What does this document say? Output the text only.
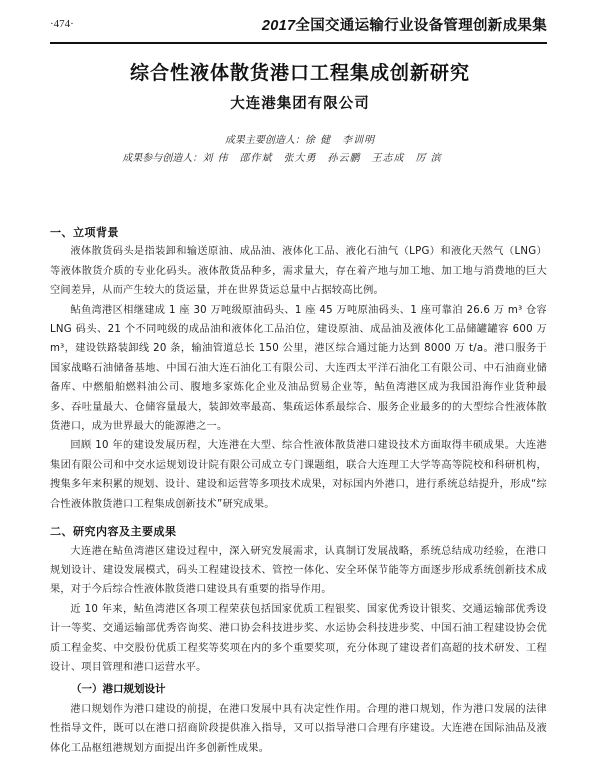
·474·	2017全国交通运输行业设备管理创新成果集
综合性液体散货港口工程集成创新研究
大连港集团有限公司
成果主要创造人：徐 健　李训明
成果参与创造人：刘 伟　邵作斌　张大勇　孙云鹏　王志成　厉 滨
一、立项背景

液体散货码头是指装卸和输送原油、成品油、液体化工品、液化石油气（LPG）和液化天然气（LNG）等液体散货介质的专业化码头。液体散货品种多，需求量大，存在着产地与加工地、加工地与消费地的巨大空间差异，从而产生较大的货运量，并在世界货运总量中占据较高比例。

鲇鱼湾港区相继建成 1 座 30 万吨级原油码头、1 座 45 万吨原油码头、1 座可靠泊 26.6 万 m³ 仓容 LNG 码头、21 个不同吨级的成品油和液体化工品泊位，建设原油、成品油及液体化工品储罐罐容 600 万 m³，建设铁路装卸线 20 条，输油管道总长 150 公里，港区综合通过能力达到 8000 万 t/a。港口服务于国家战略石油储备基地、中国石油大连石油化工有限公司、大连西太平洋石油化工有限公司、中石油商业储备库、中燃船舶燃料油公司、腹地多家炼化企业及油品贸易企业等，鲇鱼湾港区成为我国沿海作业货种最多、吞吐量最大、仓储容量最大，装卸效率最高、集疏运体系最综合、服务企业最多的的大型综合性液体散货港口，成为世界最大的能源港之一。

回顾 10 年的建设发展历程，大连港在大型、综合性液体散货港口建设技术方面取得丰硕成果。大连港集团有限公司和中交水运规划设计院有限公司成立专门课题组，联合大连理工大学等高等院校和科研机构，搜集多年来积累的规划、设计、建设和运营等多项技术成果，对标国内外港口，进行系统总结提升，形成“综合性液体散货港口工程集成创新技术”研究成果。

二、研究内容及主要成果

大连港在鲇鱼湾港区建设过程中，深入研究发展需求，认真制订发展战略，系统总结成功经验，在港口规划设计、建设发展模式，码头工程建设技术、管控一体化、安全环保节能等方面逐步形成系统创新技术成果，对于今后综合性液体散货港口建设具有重要的指导作用。

近 10 年来，鲇鱼湾港区各项工程荣获包括国家优质工程银奖、国家优秀设计银奖、交通运输部优秀设计一等奖、交通运输部优秀咨询奖、港口协会科技进步奖、水运协会科技进步奖、中国石油工程建设协会优质工程金奖、中交股份优质工程奖等奖项在内的多个重要奖项，充分体现了建设者们高超的技术研发、工程设计、项目管理和港口运营水平。

（一）港口规划设计

港口规划作为港口建设的前提，在港口发展中具有决定性作用。合理的港口规划，作为港口发展的法律性指导文件，既可以在港口招商阶段提供准入指导，又可以指导港口合理有序建设。大连港在国际油品及液体化工品枢纽港规划方面提出许多创新性成果。
